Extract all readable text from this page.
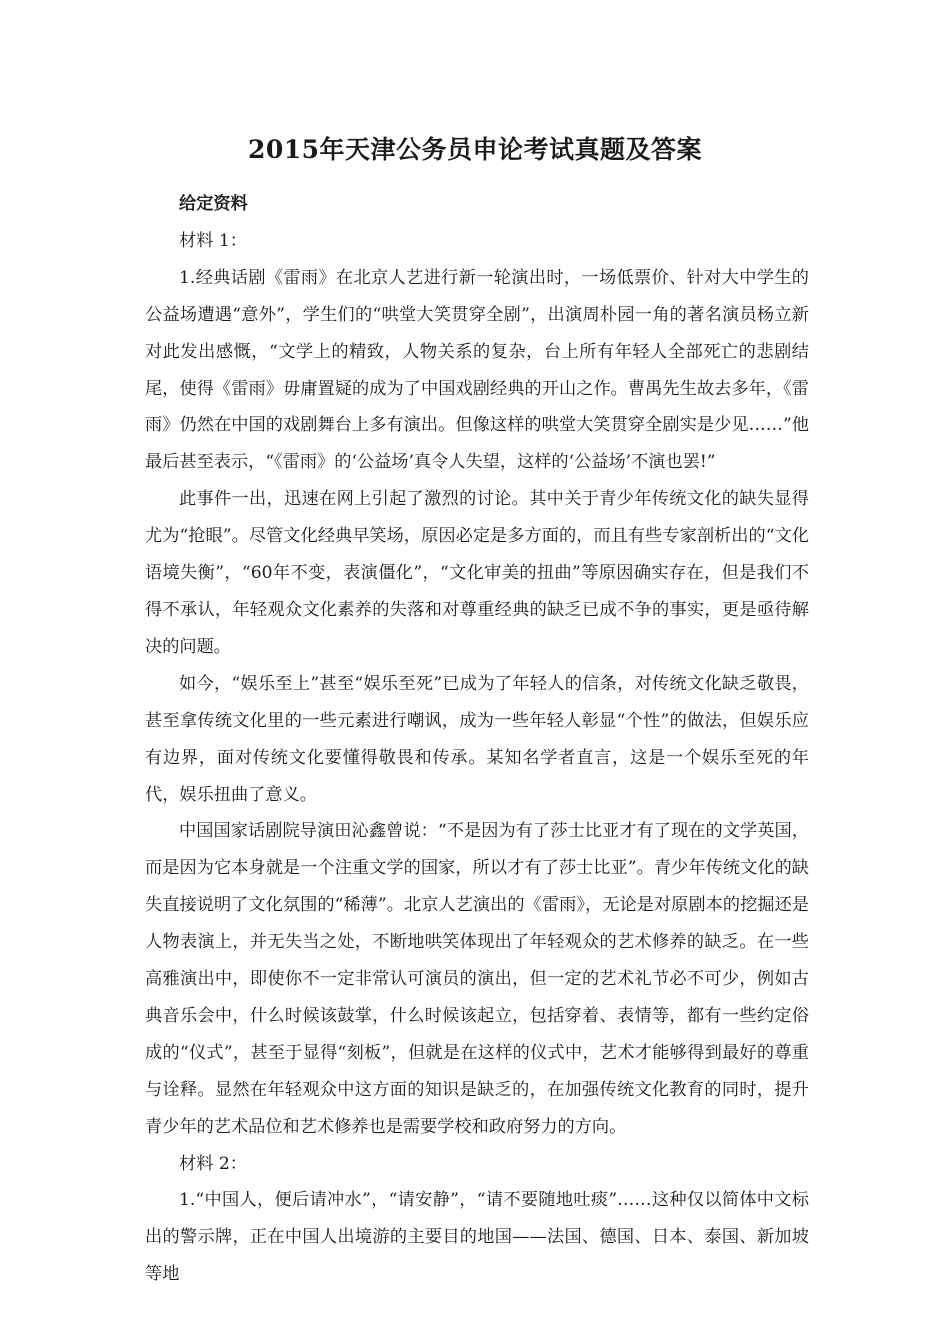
2015年天津公务员申论考试真题及答案

给定资料

材料 1：

1.经典话剧《雷雨》在北京人艺进行新一轮演出时，一场低票价、针对大中学生的公益场遭遇“意外”，学生们的“哄堂大笑贯穿全剧”，出演周朴园一角的著名演员杨立新对此发出感慨，“文学上的精致，人物关系的复杂，台上所有年轻人全部死亡的悲剧结尾，使得《雷雨》毋庸置疑的成为了中国戏剧经典的开山之作。曹禺先生故去多年，《雷雨》仍然在中国的戏剧舞台上多有演出。但像这样的哄堂大笑贯穿全剧实是少见……”他最后甚至表示，“《雷雨》的‘公益场’真令人失望，这样的‘公益场’不演也罢!”

此事件一出，迅速在网上引起了激烈的讨论。其中关于青少年传统文化的缺失显得尤为“抢眼”。尽管文化经典早笑场，原因必定是多方面的，而且有些专家剖析出的“文化语境失衡”，“60年不变，表演僵化”，“文化审美的扭曲”等原因确实存在，但是我们不得不承认，年轻观众文化素养的失落和对尊重经典的缺乏已成不争的事实，更是亟待解决的问题。

如今，“娱乐至上”甚至“娱乐至死”已成为了年轻人的信条，对传统文化缺乏敬畏，甚至拿传统文化里的一些元素进行嘲讽，成为一些年轻人彰显“个性”的做法，但娱乐应有边界，面对传统文化要懂得敬畏和传承。某知名学者直言，这是一个娱乐至死的年代，娱乐扭曲了意义。

中国国家话剧院导演田沁鑫曾说：“不是因为有了莎士比亚才有了现在的文学英国，而是因为它本身就是一个注重文学的国家，所以才有了莎士比亚”。青少年传统文化的缺失直接说明了文化氛围的“稀薄”。北京人艺演出的《雷雨》，无论是对原剧本的挖掘还是人物表演上，并无失当之处，不断地哄笑体现出了年轻观众的艺术修养的缺乏。在一些高雅演出中，即使你不一定非常认可演员的演出，但一定的艺术礼节必不可少，例如古典音乐会中，什么时候该鼓掌，什么时候该起立，包括穿着、表情等，都有一些约定俗成的“仪式”，甚至于显得“刻板”，但就是在这样的仪式中，艺术才能够得到最好的尊重与诠释。显然在年轻观众中这方面的知识是缺乏的，在加强传统文化教育的同时，提升青少年的艺术品位和艺术修养也是需要学校和政府努力的方向。

材料 2：

1.“中国人，便后请冲水”，“请安静”，“请不要随地吐痰”……这种仅以简体中文标出的警示牌，正在中国人出境游的主要目的地国——法国、德国、日本、泰国、新加坡等地
